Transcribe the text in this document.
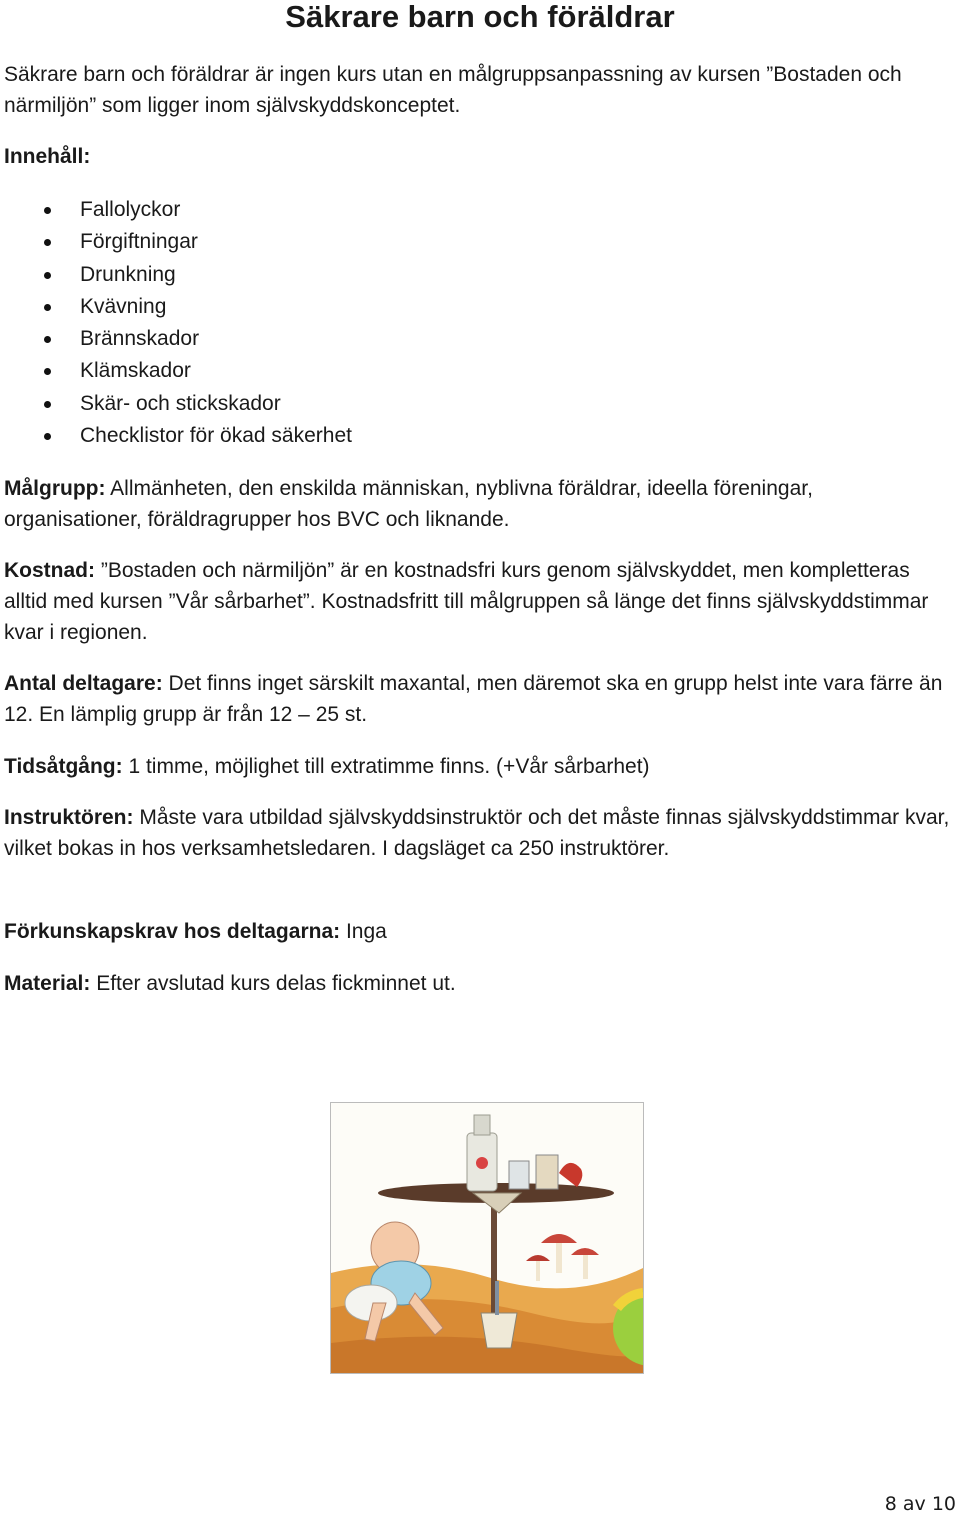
Säkrare barn och föräldrar

Säkrare barn och föräldrar är ingen kurs utan en målgruppsanpassning av kursen ”Bostaden och närmiljön” som ligger inom självskyddskonceptet.

Innehåll:

Fallolyckor
Förgiftningar
Drunkning
Kvävning
Brännskador
Klämskador
Skär- och stickskador
Checklistor för ökad säkerhet

Målgrupp: Allmänheten, den enskilda människan, nyblivna föräldrar, ideella föreningar, organisationer, föräldragrupper hos BVC och liknande.

Kostnad: ”Bostaden och närmiljön” är en kostnadsfri kurs genom självskyddet, men kompletteras alltid med kursen ”Vår sårbarhet”. Kostnadsfritt till målgruppen så länge det finns självskyddstimmar kvar i regionen.

Antal deltagare: Det finns inget särskilt maxantal, men däremot ska en grupp helst inte vara färre än 12. En lämplig grupp är från 12 – 25 st.

Tidsåtgång: 1 timme, möjlighet till extratimme finns. (+Vår sårbarhet)

Instruktören: Måste vara utbildad självskyddsinstruktör och det måste finnas självskyddstimmar kvar, vilket bokas in hos verksamhetsledaren. I dagsläget ca 250 instruktörer.

Förkunskapskrav hos deltagarna: Inga

Material: Efter avslutad kurs delas fickminnet ut.

8 av 10
